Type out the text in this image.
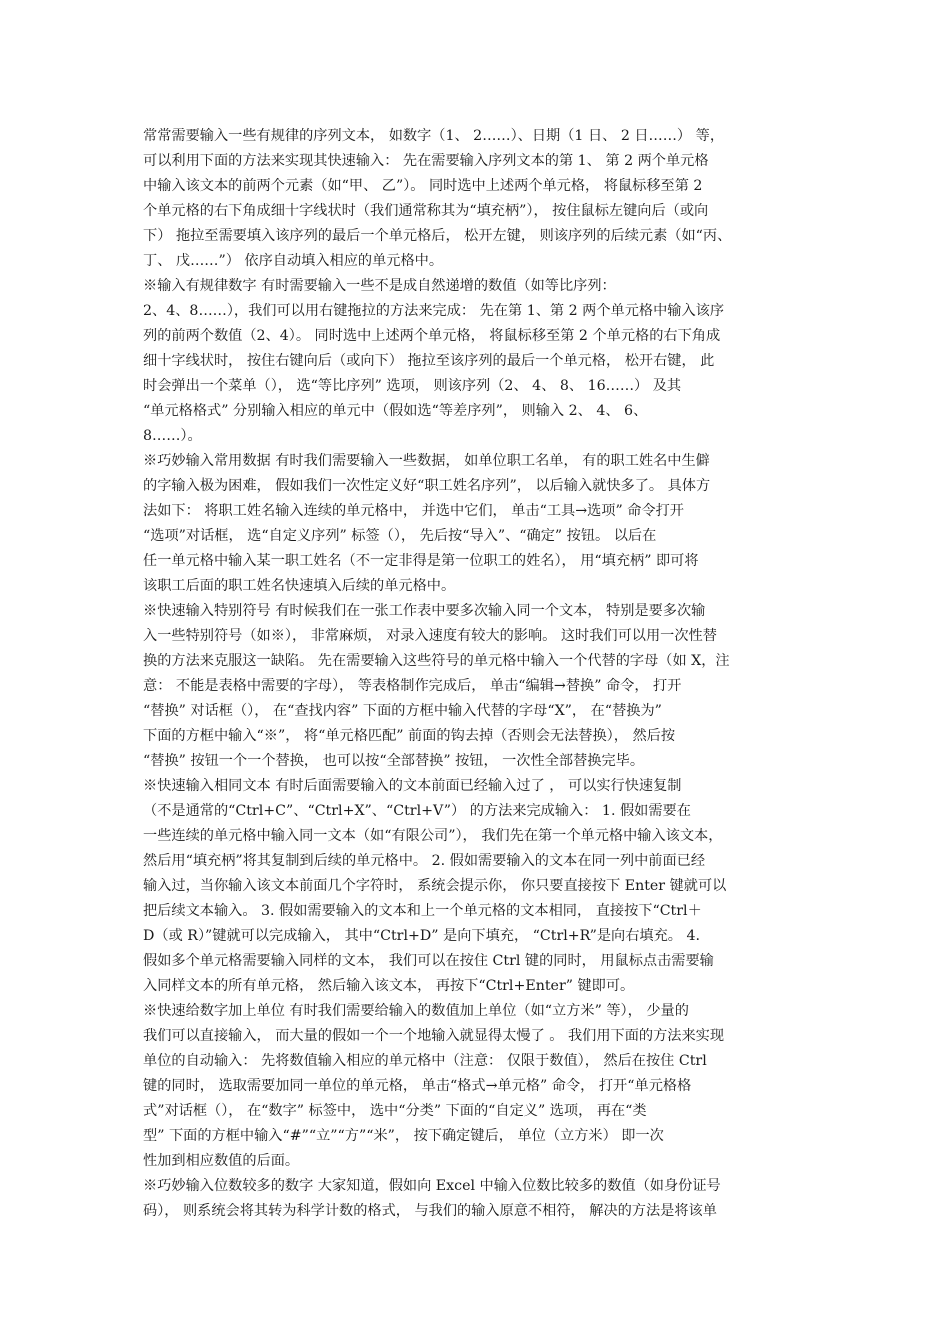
常常需要输入一些有规律的序列文本， 如数字（1、 2……）、日期（1 日、 2 日……） 等，
可以利用下面的方法来实现其快速输入： 先在需要输入序列文本的第 1、 第 2 两个单元格
中输入该文本的前两个元素（如“甲、 乙”）。 同时选中上述两个单元格， 将鼠标移至第 2
个单元格的右下角成细十字线状时（我们通常称其为“填充柄”）， 按住鼠标左键向后（或向
下） 拖拉至需要填入该序列的最后一个单元格后， 松开左键， 则该序列的后续元素（如“丙、
丁、 戊……”） 依序自动填入相应的单元格中。
※输入有规律数字 有时需要输入一些不是成自然递增的数值（如等比序列：
2、4、8……），我们可以用右键拖拉的方法来完成： 先在第 1、第 2 两个单元格中输入该序
列的前两个数值（2、4）。 同时选中上述两个单元格， 将鼠标移至第 2 个单元格的右下角成
细十字线状时， 按住右键向后（或向下） 拖拉至该序列的最后一个单元格， 松开右键， 此
时会弹出一个菜单（）， 选“等比序列” 选项， 则该序列（2、 4、 8、 16……） 及其
“单元格格式” 分别输入相应的单元中（假如选“等差序列”， 则输入 2、 4、 6、
8……）。
※巧妙输入常用数据 有时我们需要输入一些数据， 如单位职工名单， 有的职工姓名中生僻
的字输入极为困难， 假如我们一次性定义好“职工姓名序列”， 以后输入就快多了。 具体方
法如下： 将职工姓名输入连续的单元格中， 并选中它们， 单击“工具→选项” 命令打开
“选项”对话框， 选“自定义序列” 标签（）， 先后按“导入”、“确定” 按钮。 以后在
任一单元格中输入某一职工姓名（不一定非得是第一位职工的姓名）， 用“填充柄” 即可将
该职工后面的职工姓名快速填入后续的单元格中。
※快速输入特别符号 有时候我们在一张工作表中要多次输入同一个文本， 特别是要多次输
入一些特别符号（如※）， 非常麻烦， 对录入速度有较大的影响。 这时我们可以用一次性替
换的方法来克服这一缺陷。 先在需要输入这些符号的单元格中输入一个代替的字母（如 X，注
意： 不能是表格中需要的字母）， 等表格制作完成后， 单击“编辑→替换” 命令， 打开
“替换” 对话框（）， 在“查找内容” 下面的方框中输入代替的字母“X”， 在“替换为”
下面的方框中输入“※”， 将“单元格匹配” 前面的钩去掉（否则会无法替换）， 然后按
“替换” 按钮一个一个替换， 也可以按“全部替换” 按钮， 一次性全部替换完毕。
※快速输入相同文本 有时后面需要输入的文本前面已经输入过了 ， 可以实行快速复制
（不是通常的“Ctrl+C”、“Ctrl+X”、“Ctrl+V”） 的方法来完成输入： 1. 假如需要在
一些连续的单元格中输入同一文本（如“有限公司”）， 我们先在第一个单元格中输入该文本，
然后用“填充柄”将其复制到后续的单元格中。 2. 假如需要输入的文本在同一列中前面已经
输入过，当你输入该文本前面几个字符时， 系统会提示你， 你只要直接按下 Enter 键就可以
把后续文本输入。 3. 假如需要输入的文本和上一个单元格的文本相同， 直接按下“Ctrl＋
D（或 R）”键就可以完成输入， 其中“Ctrl+D” 是向下填充， “Ctrl+R”是向右填充。 4.
假如多个单元格需要输入同样的文本， 我们可以在按住 Ctrl 键的同时， 用鼠标点击需要输
入同样文本的所有单元格， 然后输入该文本， 再按下“Ctrl+Enter” 键即可。
※快速给数字加上单位 有时我们需要给输入的数值加上单位（如“立方米” 等）， 少量的
我们可以直接输入， 而大量的假如一个一个地输入就显得太慢了 。 我们用下面的方法来实现
单位的自动输入： 先将数值输入相应的单元格中（注意： 仅限于数值）， 然后在按住 Ctrl
键的同时， 选取需要加同一单位的单元格， 单击“格式→单元格” 命令， 打开“单元格格
式”对话框（）， 在“数字” 标签中， 选中“分类” 下面的“自定义” 选项， 再在“类
型” 下面的方框中输入“#”“立”“方”“米”， 按下确定键后， 单位（立方米） 即一次
性加到相应数值的后面。
※巧妙输入位数较多的数字 大家知道，假如向 Excel 中输入位数比较多的数值（如身份证号
码）， 则系统会将其转为科学计数的格式， 与我们的输入原意不相符， 解决的方法是将该单
